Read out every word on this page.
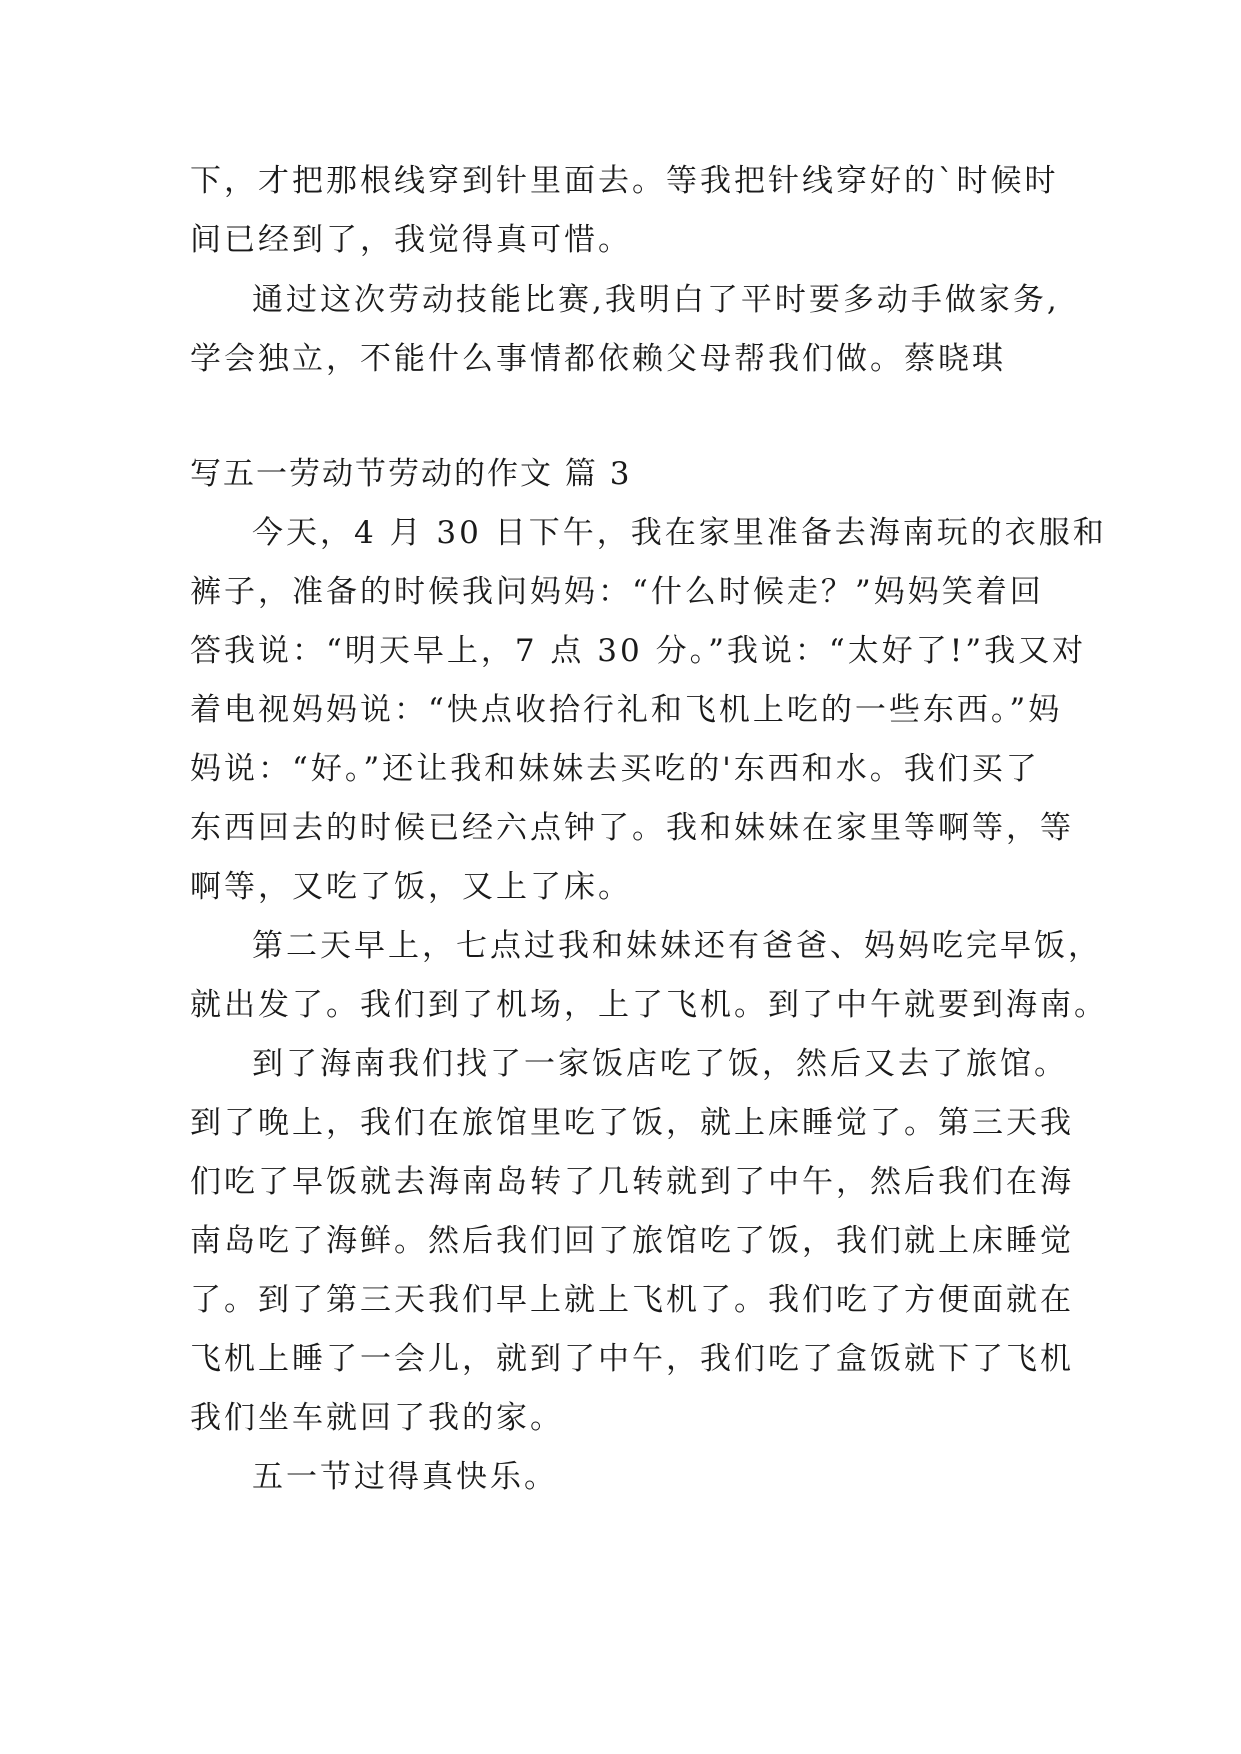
下，才把那根线穿到针里面去。等我把针线穿好的`时候时
间已经到了，我觉得真可惜。
通过这次劳动技能比赛,我明白了平时要多动手做家务,
学会独立，不能什么事情都依赖父母帮我们做。蔡晓琪
写五一劳动节劳动的作文 篇 3
今天，4 月 30 日下午，我在家里准备去海南玩的衣服和
裤子，准备的时候我问妈妈：“什么时候走？”妈妈笑着回
答我说：“明天早上，7 点 30 分。”我说：“太好了!”我又对
着电视妈妈说：“快点收拾行礼和飞机上吃的一些东西。”妈
妈说：“好。”还让我和妹妹去买吃的'东西和水。我们买了
东西回去的时候已经六点钟了。我和妹妹在家里等啊等，等
啊等，又吃了饭，又上了床。
第二天早上，七点过我和妹妹还有爸爸、妈妈吃完早饭，
就出发了。我们到了机场，上了飞机。到了中午就要到海南。
到了海南我们找了一家饭店吃了饭，然后又去了旅馆。
到了晚上，我们在旅馆里吃了饭，就上床睡觉了。第三天我
们吃了早饭就去海南岛转了几转就到了中午，然后我们在海
南岛吃了海鲜。然后我们回了旅馆吃了饭，我们就上床睡觉
了。到了第三天我们早上就上飞机了。我们吃了方便面就在
飞机上睡了一会儿，就到了中午，我们吃了盒饭就下了飞机
我们坐车就回了我的家。
五一节过得真快乐。
